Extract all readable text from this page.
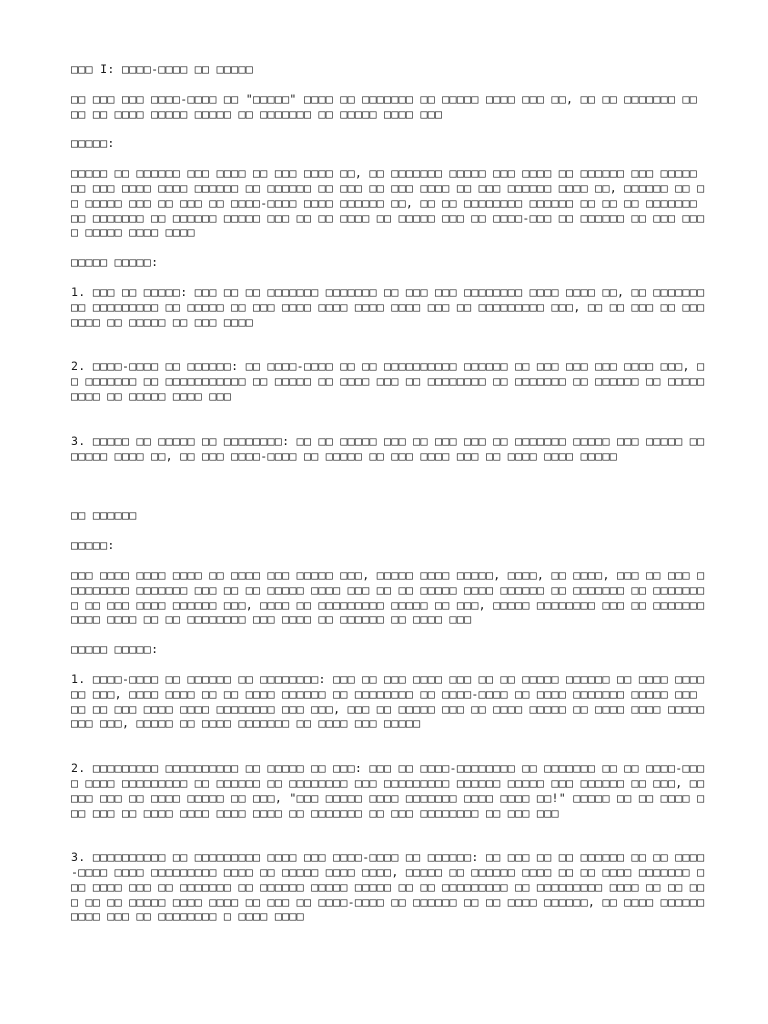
□□□ I: □□□□-□□□□ □□ □□□□□

□□ □□□ □□□ □□□□-□□□□ □□ "□□□□□" □□□□ □□ □□□□□□□ □□ □□□□□ □□□□ □□□ □□, □□ □□ □□□□□□□ □□ □□ □□ □□□□ □□□□□ □□□□□ □□ □□□□□□□ □□ □□□□□ □□□□ □□□

□□□□□:

□□□□□ □□ □□□□□□ □□□ □□□□ □□ □□□ □□□□ □□, □□ □□□□□□□ □□□□□ □□□ □□□□ □□ □□□□□□ □□□ □□□□□ □□ □□□ □□□□ □□□□ □□□□□□ □□ □□□□□□ □□ □□□ □□ □□□ □□□□ □□ □□□ □□□□□□ □□□□ □□, □□□□□□ □□ □□ □□□□□ □□□ □□ □□□ □□ □□□□-□□□□ □□□□ □□□□□□ □□, □□ □□ □□□□□□□□ □□□□□□ □□ □□ □□ □□□□□□□ □□ □□□□□□□ □□ □□□□□□ □□□□□ □□□ □□ □□ □□□□ □□ □□□□□ □□□ □□ □□□□-□□□ □□ □□□□□□ □□ □□□ □□□□ □□□□□ □□□□ □□□□

□□□□□ □□□□□:

1. □□□ □□ □□□□□: □□□ □□ □□ □□□□□□□ □□□□□□□ □□ □□□ □□□ □□□□□□□□ □□□□ □□□□ □□, □□ □□□□□□□ □□ □□□□□□□□□ □□ □□□□□ □□ □□□ □□□□ □□□□ □□□□ □□□□ □□□ □□ □□□□□□□□□ □□□, □□ □□ □□□ □□ □□□□□□□ □□ □□□□□ □□ □□□ □□□□

2. □□□□-□□□□ □□ □□□□□□: □□ □□□□-□□□□ □□ □□ □□□□□□□□□□ □□□□□□ □□ □□□ □□□ □□□ □□□□ □□□, □□ □□□□□□□ □□ □□□□□□□□□□□ □□ □□□□□ □□ □□□□ □□□ □□ □□□□□□□□ □□ □□□□□□□ □□ □□□□□□ □□ □□□□□□□□□ □□ □□□□□ □□□□ □□□

3. □□□□□ □□ □□□□□ □□ □□□□□□□□: □□ □□ □□□□□ □□□ □□ □□□ □□□ □□ □□□□□□□ □□□□□ □□□ □□□□□ □□□□□□□ □□□□ □□, □□ □□□ □□□□-□□□□ □□ □□□□□ □□ □□□ □□□□ □□□ □□ □□□□ □□□□ □□□□□

□□ □□□□□□

□□□□□:

□□□ □□□□ □□□□ □□□□ □□ □□□□ □□□ □□□□□ □□□, □□□□□ □□□□ □□□□□, □□□□, □□ □□□□, □□□ □□ □□□ □□□□□□□□□ □□□□□□□ □□□ □□ □□ □□□□□ □□□□ □□□ □□ □□ □□□□□ □□□□ □□□□□□ □□ □□□□□□□ □□ □□□□□□□□ □□ □□□ □□□□ □□□□□□ □□□, □□□□ □□ □□□□□□□□□ □□□□□ □□ □□□, □□□□□ □□□□□□□□ □□□ □□ □□□□□□□ □□□□ □□□□ □□ □□ □□□□□□□□ □□□ □□□□ □□ □□□□□□ □□ □□□□ □□□

□□□□□ □□□□□:

1. □□□□-□□□□ □□ □□□□□□ □□ □□□□□□□□: □□□ □□ □□□ □□□□ □□□ □□ □□ □□□□□ □□□□□□ □□ □□□□ □□□□□□ □□□, □□□□ □□□□ □□ □□ □□□□ □□□□□□ □□ □□□□□□□□ □□ □□□□-□□□□ □□ □□□□ □□□□□□□ □□□□□ □□□ □□ □□ □□□ □□□□ □□□□ □□□□□□□□ □□□ □□□, □□□ □□ □□□□□ □□□ □□ □□□□ □□□□□ □□ □□□□ □□□□ □□□□□ □□□ □□□, □□□□□ □□ □□□□ □□□□□□□ □□ □□□□ □□□ □□□□□

2. □□□□□□□□□ □□□□□□□□□□ □□ □□□□□ □□ □□□: □□□ □□ □□□□-□□□□□□□□ □□ □□□□□□□ □□ □□ □□□□-□□□□ □□□□ □□□□□□□□□ □□ □□□□□□ □□ □□□□□□□□ □□□ □□□□□□□□□ □□□□□□ □□□□□ □□□ □□□□□□ □□ □□□, □□ □□□ □□□ □□ □□□□ □□□□□ □□ □□□, "□□□ □□□□□ □□□□ □□□□□□□ □□□□ □□□□ □□!" □□□□□ □□ □□ □□□□ □□□ □□□ □□ □□□□ □□□□ □□□□ □□□□ □□ □□□□□□□ □□ □□□ □□□□□□□□ □□ □□□ □□□

3. □□□□□□□□□□ □□ □□□□□□□□□ □□□□ □□□ □□□□-□□□□ □□ □□□□□□: □□ □□□ □□ □□ □□□□□□ □□ □□ □□□□-□□□□ □□□□ □□□□□□□□□ □□□□ □□ □□□□□ □□□□ □□□□, □□□□□ □□ □□□□□□ □□□□ □□ □□ □□□□ □□□□□□□ □□□ □□□□ □□□ □□ □□□□□□□ □□ □□□□□□ □□□□□ □□□□□ □□ □□ □□□□□□□□□ □□ □□□□□□□□□ □□□□ □□ □□ □□□ □□ □□ □□□□□ □□□□ □□□□ □□ □□□ □□ □□□□-□□□□ □□ □□□□□□ □□ □□ □□□□ □□□□□□, □□ □□□□ □□□□□□ □□□□ □□□ □□ □□□□□□□□ □ □□□□ □□□□
